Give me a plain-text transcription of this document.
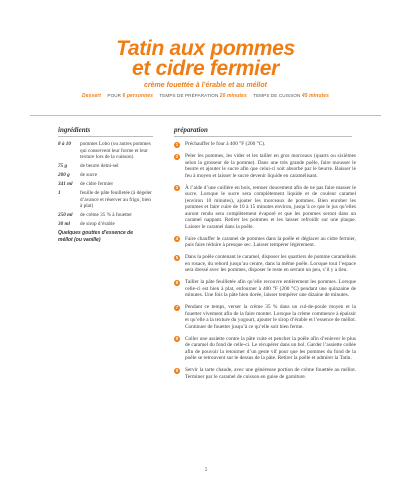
Tatin aux pommes
et cidre fermier
crème fouettée à l’érable et au méllot
Dessert POUR 6 personnes TEMPS DE PRÉPARATION 20 minutes TEMPS DE CUISSON 45 minutes
ingrédients
8 à 10	pommes Lobo (ou autres pommes qui conservent leur forme et leur texture lors de la cuisson)
75 g	de beurre demi-sel
200 g	de sucre
341 ml	de cidre fermier
1	feuille de pâte feuilletée (à dégeler d’avance et réserver au frigo, bien à plat)
250 ml	de crème 35 % à fouetter
30 ml	de sirop d’érable
Quelques gouttes d’essence de méllot (ou vanille)
préparation
1	Préchauffer le four à 400 °F (200 °C).
2	Peler les pommes, les vider et les tailler en gros morceaux (quarts ou sixièmes selon la grosseur de la pomme). Dans une très grande poêle, faire mousser le beurre et ajouter le sucre afin que celui-ci soit absorbé par le beurre. Baisser le feu à moyen et laisser le sucre devenir liquide en caramélisant.
3	À l’aide d’une cuillère en bois, remuer doucement afin de ne pas faire masser le sucre. Lorsque le sucre sera complètement liquide et de couleur caramel (environ 10 minutes), ajouter les morceaux de pommes. Bien enrober les pommes et faire cuire de 10 à 15 minutes environ, jusqu’à ce que le jus qu’elles auront rendu sera complètement évaporé et que les pommes seront dans un caramel nappant. Retirer les pommes et les laisser refroidir sur une plaque. Laisser le caramel dans la poêle.
4	Faire chauffer le caramel de pommes dans la poêle et déglacer au cidre fermier, puis faire réduire à presque sec. Laisser tempérer légèrement.
5	Dans la poêle contenant le caramel, disposer les quartiers de pomme caramélisés en rosace, du rebord jusqu’au centre, dans la même poêle. Lorsque tout l’espace sera dressé avec les pommes, disposer le reste en serrant un peu, s’il y a lieu.
6	Tailler la pâte feuilletée afin qu’elle recouvre entièrement les pommes. Lorsque celle-ci est bien à plat, enfourner à 400 °F (200 °C) pendant une quinzaine de minutes. Une fois la pâte bien dorée, laisser tempérer une dizaine de minutes.
7	Pendant ce temps, verser la crème 35 % dans un cul-de-poule moyen et la fouetter vivement afin de la faire monter. Lorsque la crème commence à épaissir et qu’elle a la texture du yogourt, ajouter le sirop d’érable et l’essence de méllot. Continuer de fouetter jusqu’à ce qu’elle soit bien ferme.
8	Coller une assiette contre la pâte cuite et pencher la poêle afin d’enlever le plus de caramel du fond de celle-ci. Le récupérer dans un bol. Garder l’assiette collée afin de pouvoir la retourner d’un geste vif pour que les pommes du fond de la poêle se retrouvent sur le dessus de la pâte. Retirer la poêle et admirer la Tatin.
9	Servir la tarte chaude, avec une généreuse portion de crème fouettée au méllot. Terminer par le caramel de cuisson en guise de garniture.
1
